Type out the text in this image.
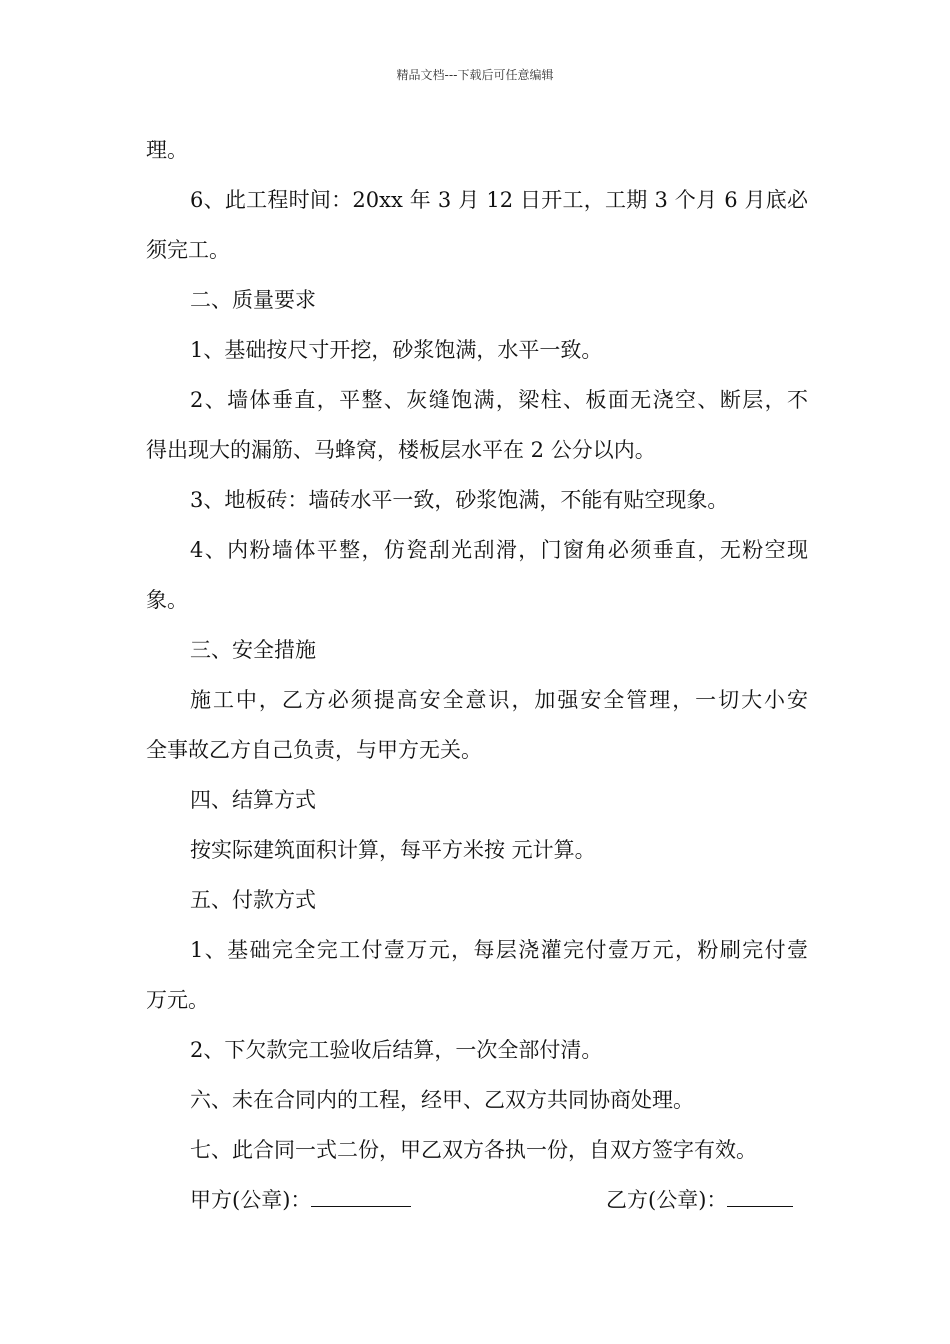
精品文档---下载后可任意编辑
理。
6、此工程时间：20xx 年 3 月 12 日开工，工期 3 个月 6 月底必
须完工。
二、质量要求
1、基础按尺寸开挖，砂浆饱满，水平一致。
2、墙体垂直，平整、灰缝饱满，梁柱、板面无浇空、断层，不
得出现大的漏筋、马蜂窝，楼板层水平在 2 公分以内。
3、地板砖：墙砖水平一致，砂浆饱满，不能有贴空现象。
4、内粉墙体平整，仿瓷刮光刮滑，门窗角必须垂直，无粉空现
象。
三、安全措施
施工中，乙方必须提高安全意识，加强安全管理，一切大小安
全事故乙方自己负责，与甲方无关。
四、结算方式
按实际建筑面积计算，每平方米按 元计算。
五、付款方式
1、基础完全完工付壹万元，每层浇灌完付壹万元，粉刷完付壹
万元。
2、下欠款完工验收后结算，一次全部付清。
六、未在合同内的工程，经甲、乙双方共同协商处理。
七、此合同一式二份，甲乙双方各执一份，自双方签字有效。
甲方(公章)：	乙方(公章)：
